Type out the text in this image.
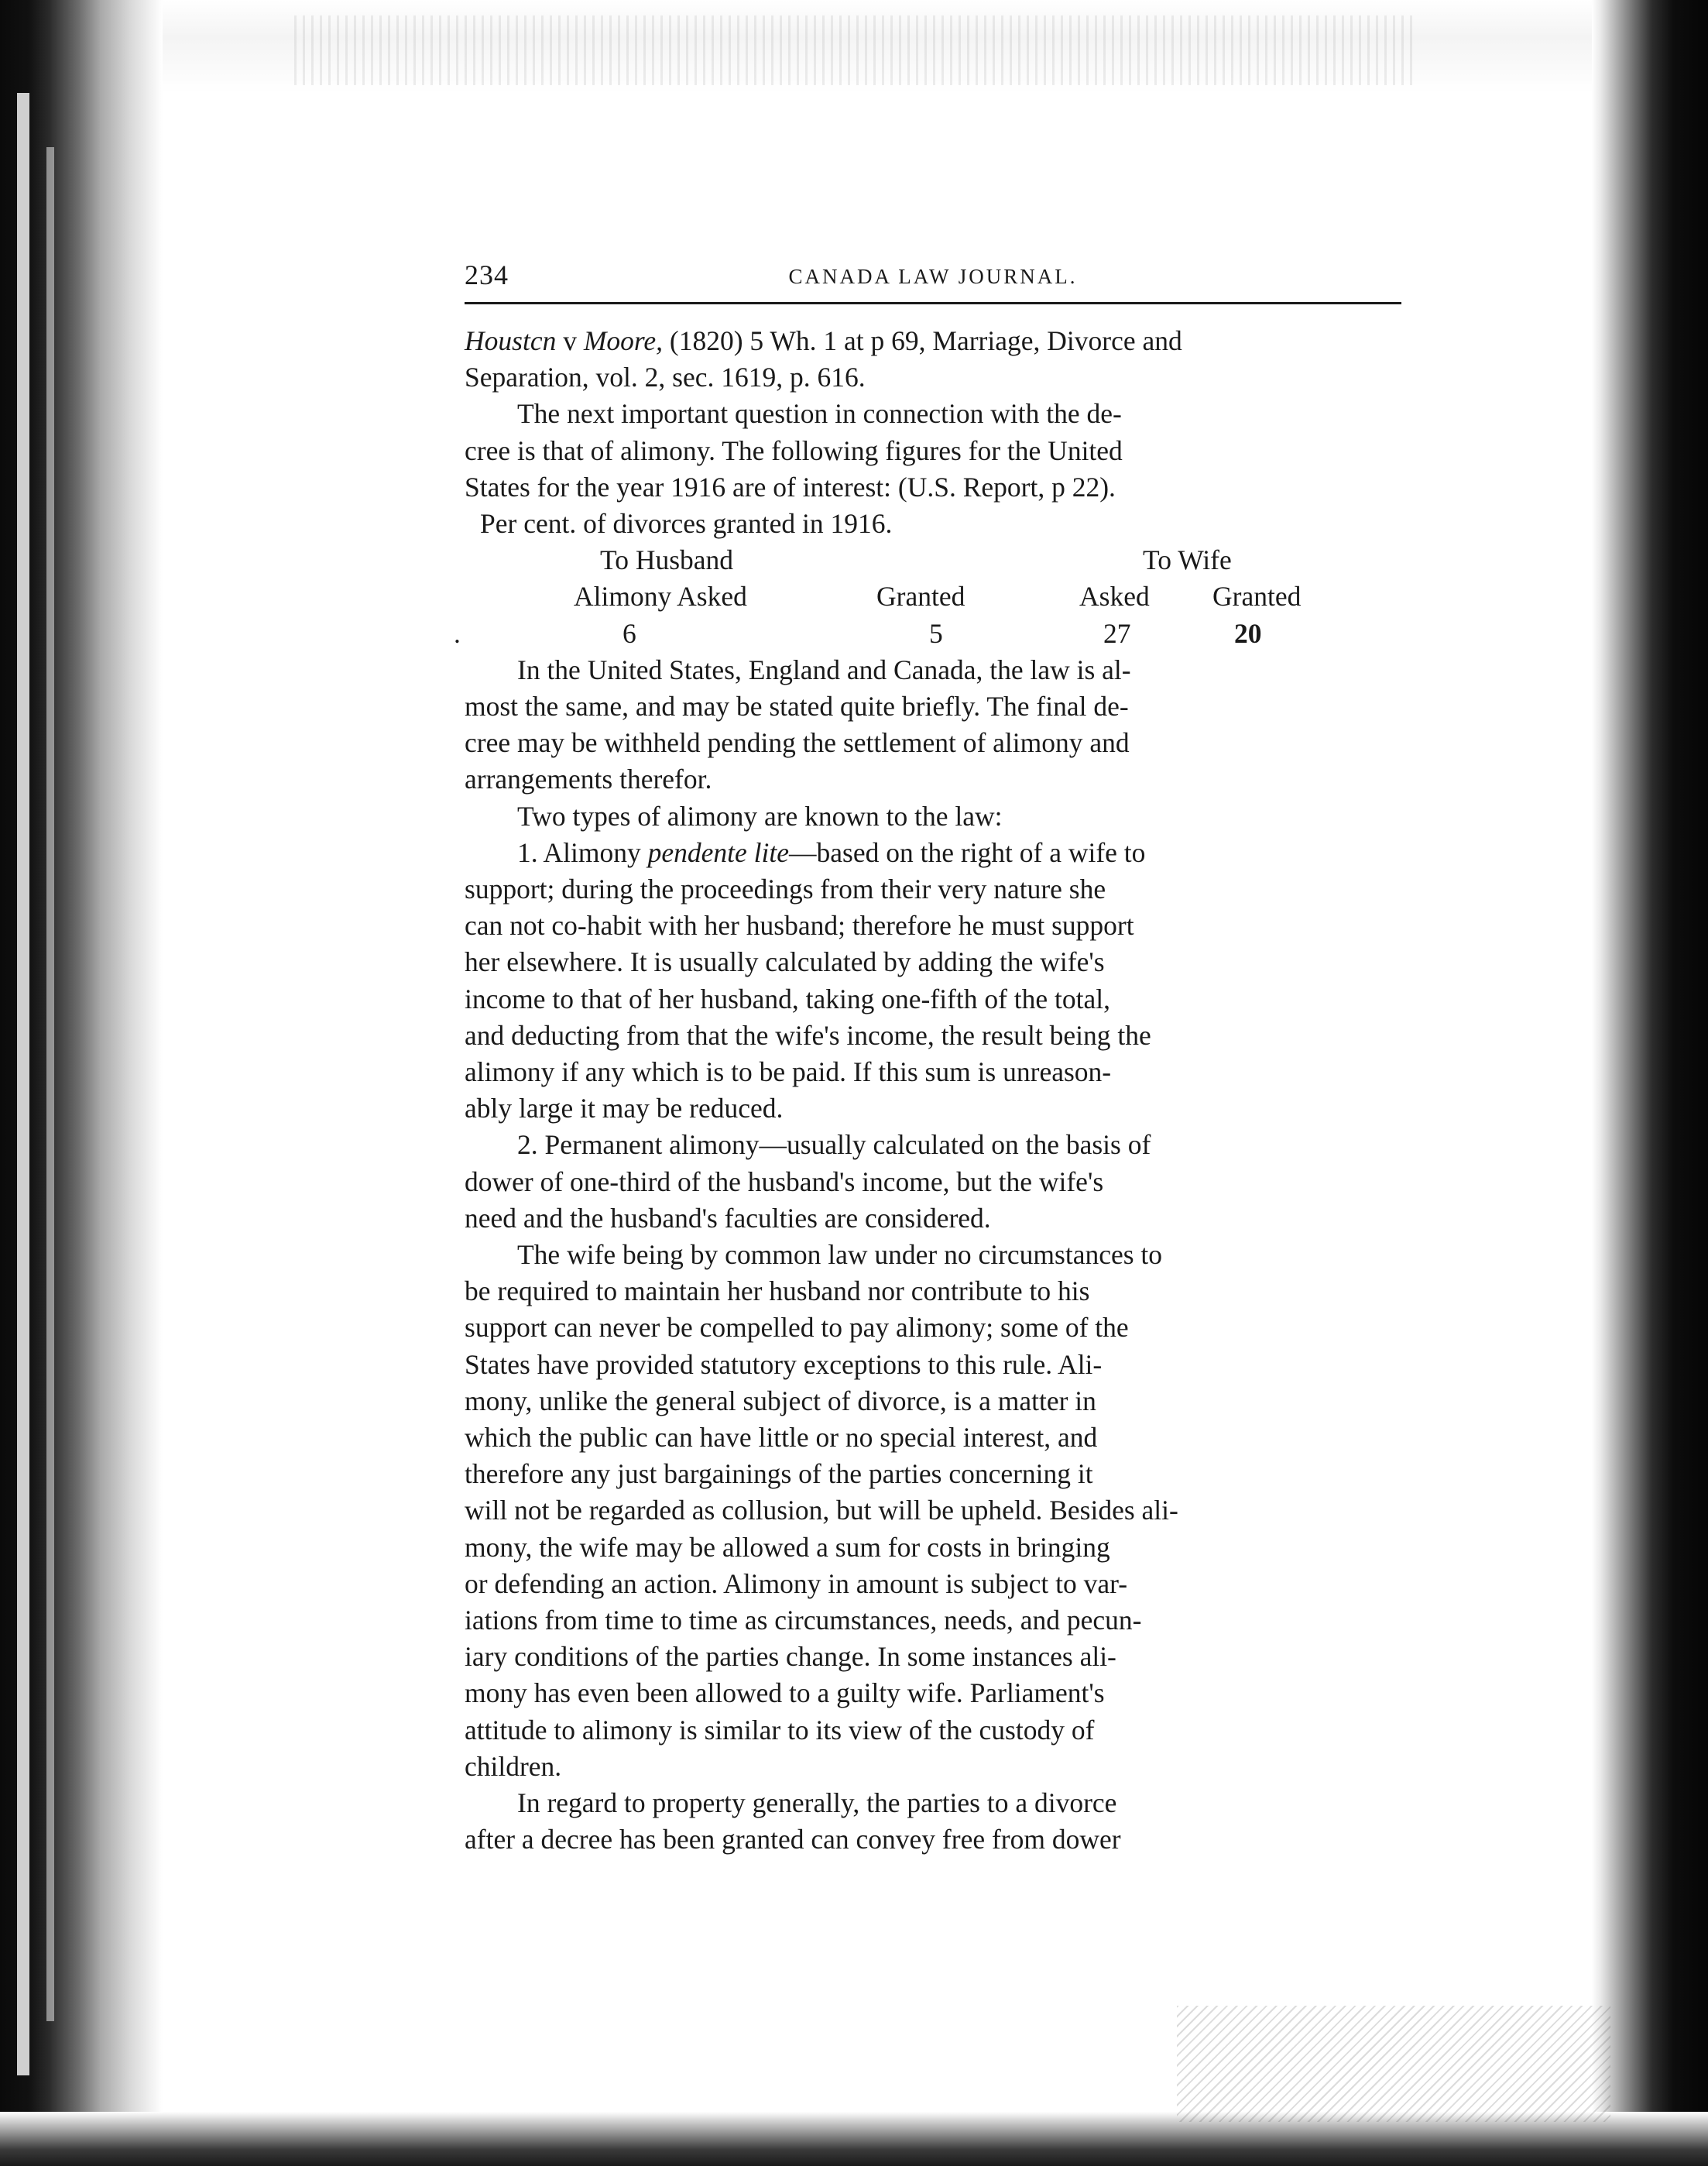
234	CANADA LAW JOURNAL.

Houstcn v Moore, (1820) 5 Wh. 1 at p 69, Marriage, Divorce and

Separation, vol. 2, sec. 1619, p. 616.

The next important question in connection with the de-

cree is that of alimony. The following figures for the United

States for the year 1916 are of interest: (U.S. Report, p 22).

Per cent. of divorces granted in 1916.

To Husband	To Wife
Alimony Asked	Granted	Asked Granted
.	6	5	27	20

In the United States, England and Canada, the law is al-

most the same, and may be stated quite briefly. The final de-

cree may be withheld pending the settlement of alimony and

arrangements therefor.

Two types of alimony are known to the law:

1. Alimony pendente lite—based on the right of a wife to

support; during the proceedings from their very nature she

can not co-habit with her husband; therefore he must support

her elsewhere. It is usually calculated by adding the wife's

income to that of her husband, taking one-fifth of the total,

and deducting from that the wife's income, the result being the

alimony if any which is to be paid. If this sum is unreason-

ably large it may be reduced.

2. Permanent alimony—usually calculated on the basis of

dower of one-third of the husband's income, but the wife's

need and the husband's faculties are considered.

The wife being by common law under no circumstances to

be required to maintain her husband nor contribute to his

support can never be compelled to pay alimony; some of the

States have provided statutory exceptions to this rule. Ali-

mony, unlike the general subject of divorce, is a matter in

which the public can have little or no special interest, and

therefore any just bargainings of the parties concerning it

will not be regarded as collusion, but will be upheld. Besides ali-

mony, the wife may be allowed a sum for costs in bringing

or defending an action. Alimony in amount is subject to var-

iations from time to time as circumstances, needs, and pecun-

iary conditions of the parties change. In some instances ali-

mony has even been allowed to a guilty wife. Parliament's

attitude to alimony is similar to its view of the custody of

children.

In regard to property generally, the parties to a divorce

after a decree has been granted can convey free from dower
